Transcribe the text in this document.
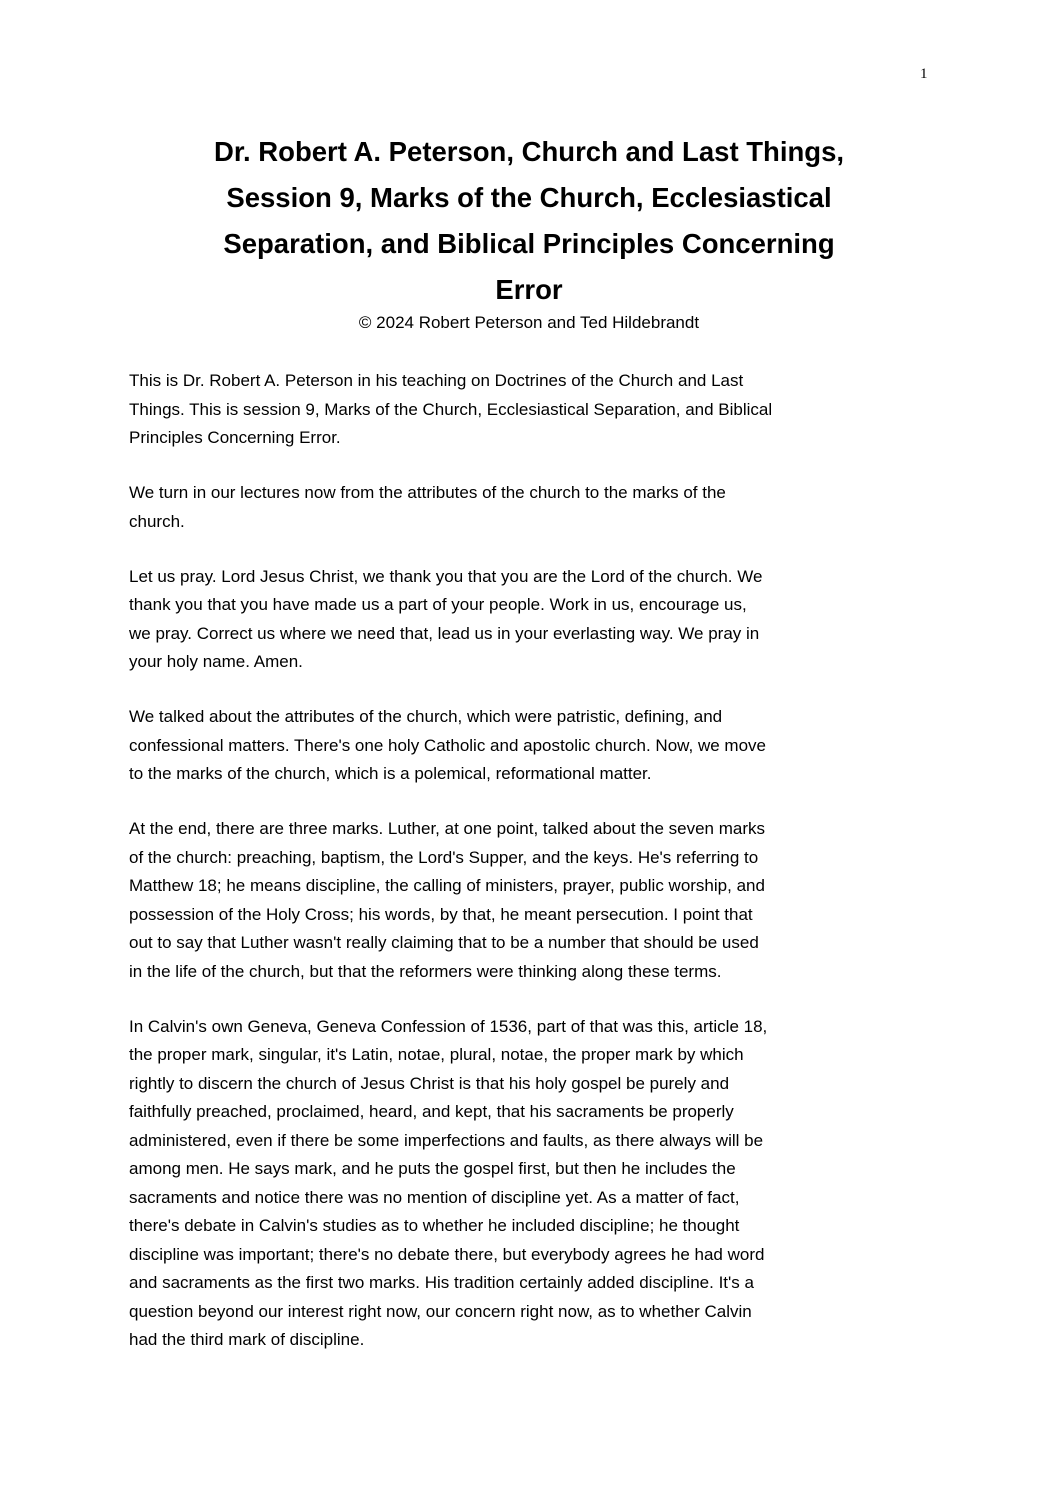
1
Dr. Robert A. Peterson, Church and Last Things,
Session 9, Marks of the Church, Ecclesiastical
Separation, and Biblical Principles Concerning
Error
© 2024 Robert Peterson and Ted Hildebrandt
This is Dr. Robert A. Peterson in his teaching on Doctrines of the Church and Last
Things. This is session 9, Marks of the Church, Ecclesiastical Separation, and Biblical
Principles Concerning Error.
We turn in our lectures now from the attributes of the church to the marks of the
church.
Let us pray. Lord Jesus Christ, we thank you that you are the Lord of the church. We
thank you that you have made us a part of your people. Work in us, encourage us,
we pray. Correct us where we need that, lead us in your everlasting way. We pray in
your holy name. Amen.
We talked about the attributes of the church, which were patristic, defining, and
confessional matters. There's one holy Catholic and apostolic church. Now, we move
to the marks of the church, which is a polemical, reformational matter.
At the end, there are three marks. Luther, at one point, talked about the seven marks
of the church: preaching, baptism, the Lord's Supper, and the keys. He's referring to
Matthew 18; he means discipline, the calling of ministers, prayer, public worship, and
possession of the Holy Cross; his words, by that, he meant persecution. I point that
out to say that Luther wasn't really claiming that to be a number that should be used
in the life of the church, but that the reformers were thinking along these terms.
In Calvin's own Geneva, Geneva Confession of 1536, part of that was this, article 18,
the proper mark, singular, it's Latin, notae, plural, notae, the proper mark by which
rightly to discern the church of Jesus Christ is that his holy gospel be purely and
faithfully preached, proclaimed, heard, and kept, that his sacraments be properly
administered, even if there be some imperfections and faults, as there always will be
among men. He says mark, and he puts the gospel first, but then he includes the
sacraments and notice there was no mention of discipline yet. As a matter of fact,
there's debate in Calvin's studies as to whether he included discipline; he thought
discipline was important; there's no debate there, but everybody agrees he had word
and sacraments as the first two marks. His tradition certainly added discipline. It's a
question beyond our interest right now, our concern right now, as to whether Calvin
had the third mark of discipline.
